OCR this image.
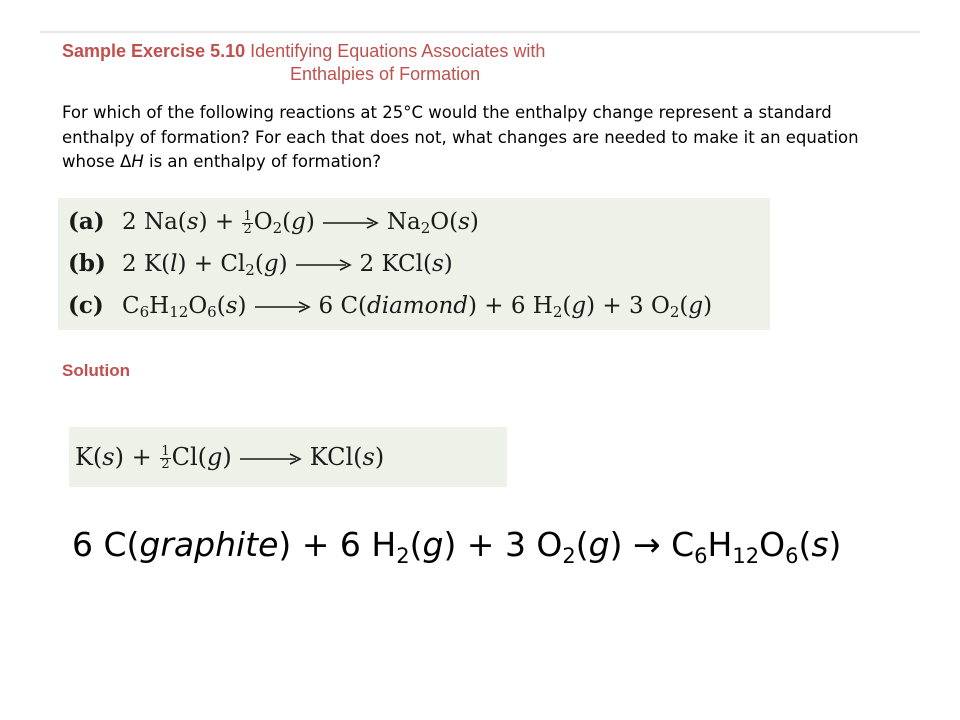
Sample Exercise 5.10 Identifying Equations Associates with
Enthalpies of Formation

For which of the following reactions at 25°C would the enthalpy change represent a standard enthalpy of formation? For each that does not, what changes are needed to make it an equation whose ΔH is an enthalpy of formation?

(a) 2 $Na(s) + \frac{1}{2} O_2(g) \to Na_2O(s)$
(b) 2 $K(l) + Cl_2(g) \to 2$ KCl(s)
(c) $C_6H_{12}O_6(s) \to 6$ C(diamond) + 6 $H_2(g) + 3$ $O_2(g)$
Solution
$K(s) + \frac{1}{2} Cl(g) \to KCl(s)$
6 C(graphite) + 6 $H_2(g) + 3$ $O_2(g) \to C_6H_{12}O_6(s)$
